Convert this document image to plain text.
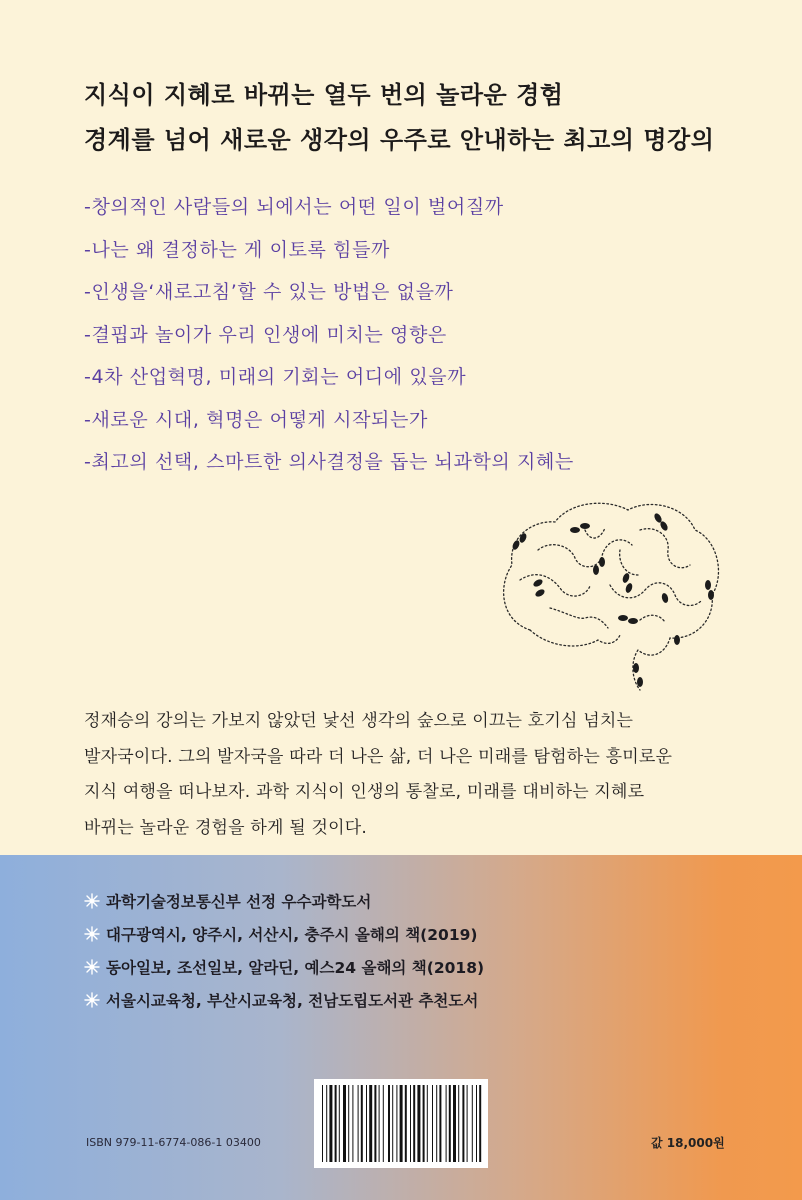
지식이 지혜로 바뀌는 열두 번의 놀라운 경험
경계를 넘어 새로운 생각의 우주로 안내하는 최고의 명강의
-창의적인 사람들의 뇌에서는 어떤 일이 벌어질까
-나는 왜 결정하는 게 이토록 힘들까
-인생을‘새로고침’할 수 있는 방법은 없을까
-결핍과 놀이가 우리 인생에 미치는 영향은
-4차 산업혁명, 미래의 기회는 어디에 있을까
-새로운 시대, 혁명은 어떻게 시작되는가
-최고의 선택, 스마트한 의사결정을 돕는 뇌과학의 지혜는
정재승의 강의는 가보지 않았던 낯선 생각의 숲으로 이끄는 호기심 넘치는
발자국이다. 그의 발자국을 따라 더 나은 삶, 더 나은 미래를 탐험하는 흥미로운
지식 여행을 떠나보자. 과학 지식이 인생의 통찰로, 미래를 대비하는 지혜로
바뀌는 놀라운 경험을 하게 될 것이다.
과학기술정보통신부 선정 우수과학도서
대구광역시, 양주시, 서산시, 충주시 올해의 책(2019)
동아일보, 조선일보, 알라딘, 예스24 올해의 책(2018)
서울시교육청, 부산시교육청, 전남도립도서관 추천도서
ISBN 979-11-6774-086-1 03400	값 18,000원
